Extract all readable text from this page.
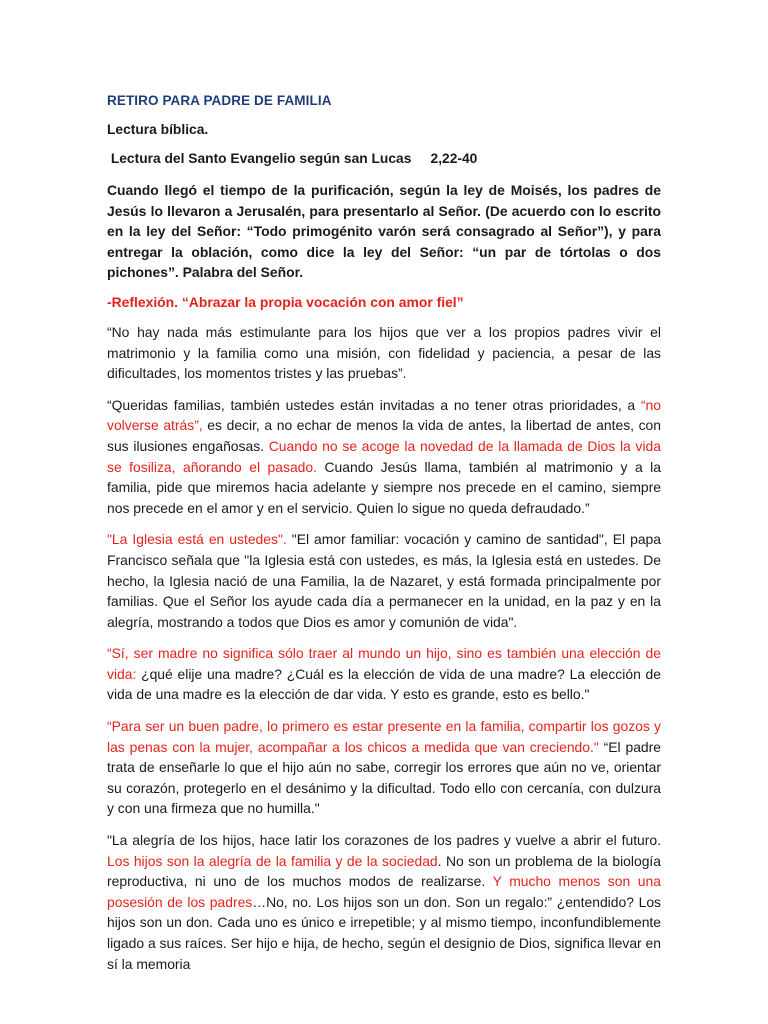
RETIRO PARA PADRE DE FAMILIA
Lectura bíblica.
Lectura del Santo Evangelio según san Lucas     2,22-40

Cuando llegó el tiempo de la purificación, según la ley de Moisés, los padres de Jesús lo llevaron a Jerusalén, para presentarlo al Señor. (De acuerdo con lo escrito en la ley del Señor: “Todo primogénito varón será consagrado al Señor”), y para entregar la oblación, como dice la ley del Señor: “un par de tórtolas o dos pichones”. Palabra del Señor.

-Reflexión. “Abrazar la propia vocación con amor fiel”

“No hay nada más estimulante para los hijos que ver a los propios padres vivir el matrimonio y la familia como una misión, con fidelidad y paciencia, a pesar de las dificultades, los momentos tristes y las pruebas”.

“Queridas familias, también ustedes están invitadas a no tener otras prioridades, a “no volverse atrás”, es decir, a no echar de menos la vida de antes, la libertad de antes, con sus ilusiones engañosas. Cuando no se acoge la novedad de la llamada de Dios la vida se fosiliza, añorando el pasado. Cuando Jesús llama, también al matrimonio y a la familia, pide que miremos hacia adelante y siempre nos precede en el camino, siempre nos precede en el amor y en el servicio. Quien lo sigue no queda defraudado.”

"La Iglesia está en ustedes". "El amor familiar: vocación y camino de santidad", El papa Francisco señala que "la Iglesia está con ustedes, es más, la Iglesia está en ustedes. De hecho, la Iglesia nació de una Familia, la de Nazaret, y está formada principalmente por familias. Que el Señor los ayude cada día a permanecer en la unidad, en la paz y en la alegría, mostrando a todos que Dios es amor y comunión de vida".

“Sí, ser madre no significa sólo traer al mundo un hijo, sino es también una elección de vida: ¿qué elije una madre? ¿Cuál es la elección de vida de una madre? La elección de vida de una madre es la elección de dar vida. Y esto es grande, esto es bello."

“Para ser un buen padre, lo primero es estar presente en la familia, compartir los gozos y las penas con la mujer, acompañar a los chicos a medida que van creciendo." “El padre trata de enseñarle lo que el hijo aún no sabe, corregir los errores que aún no ve, orientar su corazón, protegerlo en el desánimo y la dificultad. Todo ello con cercanía, con dulzura y con una firmeza que no humilla."

"La alegría de los hijos, hace latir los corazones de los padres y vuelve a abrir el futuro. Los hijos son la alegría de la familia y de la sociedad. No son un problema de la biología reproductiva, ni uno de los muchos modos de realizarse. Y mucho menos son una posesión de los padres…No, no. Los hijos son un don. Son un regalo:” ¿entendido? Los hijos son un don. Cada uno es único e irrepetible; y al mismo tiempo, inconfundiblemente ligado a sus raíces. Ser hijo e hija, de hecho, según el designio de Dios, significa llevar en sí la memoria
